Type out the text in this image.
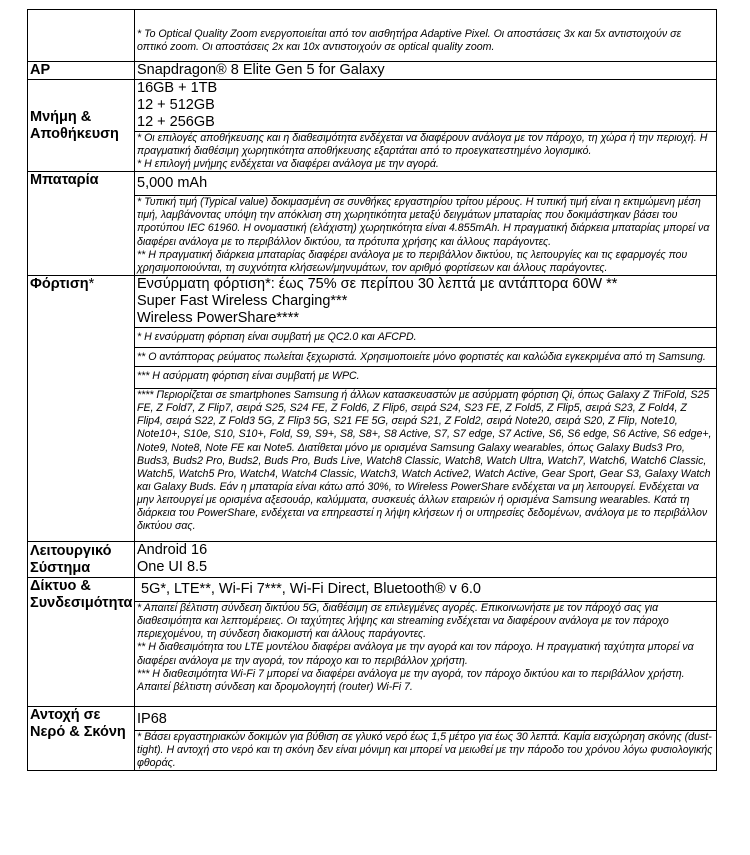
	* Το Optical Quality Zoom ενεργοποιείται από τον αισθητήρα Adaptive Pixel. Οι αποστάσεις 3x και 5x αντιστοιχούν σε οπτικό zoom. Οι αποστάσεις 2x και 10x αντιστοιχούν σε optical quality zoom.
AP	Snapdragon® 8 Elite Gen 5 for Galaxy

Μνήμη &
Αποθήκευση	16GB + 1TB
12 + 512GB
12 + 256GB

	* Οι επιλογές αποθήκευσης και η διαθεσιμότητα ενδέχεται να διαφέρουν ανάλογα με τον πάροχο, τη χώρα ή την περιοχή. Η πραγματική διαθέσιμη χωρητικότητα αποθήκευσης εξαρτάται από το προεγκατεστημένο λογισμικό.
* Η επιλογή μνήμης ενδέχεται να διαφέρει ανάλογα με την αγορά.

Μπαταρία	5,000 mAh

	* Τυπική τιμή (Typical value) δοκιμασμένη σε συνθήκες εργαστηρίου τρίτου μέρους. Η τυπική τιμή είναι η εκτιμώμενη μέση τιμή, λαμβάνοντας υπόψη την απόκλιση στη χωρητικότητα μεταξύ δειγμάτων μπαταρίας που δοκιμάστηκαν βάσει του προτύπου IEC 61960. Η ονομαστική (ελάχιστη) χωρητικότητα είναι 4.855mAh. Η πραγματική διάρκεια μπαταρίας μπορεί να διαφέρει ανάλογα με το περιβάλλον δικτύου, τα πρότυπα χρήσης και άλλους παράγοντες.
** Η πραγματική διάρκεια μπαταρίας διαφέρει ανάλογα με το περιβάλλον δικτύου, τις λειτουργίες και τις εφαρμογές που χρησιμοποιούνται, τη συχνότητα κλήσεων/μηνυμάτων, τον αριθμό φορτίσεων και άλλους παράγοντες.

Φόρτιση*	Ενσύρματη φόρτιση*: έως 75% σε περίπου 30 λεπτά με αντάπτορα 60W **
Super Fast Wireless Charging***
Wireless PowerShare****

	* Η ενσύρματη φόρτιση είναι συμβατή με QC2.0 και AFCPD.
	** Ο αντάπτορας ρεύματος πωλείται ξεχωριστά. Χρησιμοποιείτε μόνο φορτιστές και καλώδια εγκεκριμένα από τη Samsung.
	*** Η ασύρματη φόρτιση είναι συμβατή με WPC.
	**** Περιορίζεται σε smartphones Samsung ή άλλων κατασκευαστών με ασύρματη φόρτιση Qi, όπως Galaxy Z TriFold, S25 FE, Z Fold7, Z Flip7, σειρά S25, S24 FE, Z Fold6, Z Flip6, σειρά S24, S23 FE, Z Fold5, Z Flip5, σειρά S23, Z Fold4, Z Flip4, σειρά S22, Z Fold3 5G, Z Flip3 5G, S21 FE 5G, σειρά S21, Z Fold2, σειρά Note20, σειρά S20, Z Flip, Note10, Note10+, S10e, S10, S10+, Fold, S9, S9+, S8, S8+, S8 Active, S7, S7 edge, S7 Active, S6, S6 edge, S6 Active, S6 edge+, Note9, Note8, Note FE και Note5. Διατίθεται μόνο με ορισμένα Samsung Galaxy wearables, όπως Galaxy Buds3 Pro, Buds3, Buds2 Pro, Buds2, Buds Pro, Buds Live, Watch8 Classic, Watch8, Watch Ultra, Watch7, Watch6, Watch6 Classic, Watch5, Watch5 Pro, Watch4, Watch4 Classic, Watch3, Watch Active2, Watch Active, Gear Sport, Gear S3, Galaxy Watch και Galaxy Buds. Εάν η μπαταρία είναι κάτω από 30%, το Wireless PowerShare ενδέχεται να μη λειτουργεί. Ενδέχεται να μην λειτουργεί με ορισμένα αξεσουάρ, καλύμματα, συσκευές άλλων εταιρειών ή ορισμένα Samsung wearables. Κατά τη διάρκεια του PowerShare, ενδέχεται να επηρεαστεί η λήψη κλήσεων ή οι υπηρεσίες δεδομένων, ανάλογα με το περιβάλλον δικτύου σας.

Λειτουργικό
Σύστημα	Android 16
One UI 8.5

Δίκτυο &
Συνδεσιμότητα	5G*, LTE**, Wi-Fi 7***, Wi-Fi Direct, Bluetooth® v 6.0

	* Απαιτεί βέλτιστη σύνδεση δικτύου 5G, διαθέσιμη σε επιλεγμένες αγορές. Επικοινωνήστε με τον πάροχό σας για διαθεσιμότητα και λεπτομέρειες. Οι ταχύτητες λήψης και streaming ενδέχεται να διαφέρουν ανάλογα με τον πάροχο περιεχομένου, τη σύνδεση διακομιστή και άλλους παράγοντες.
** Η διαθεσιμότητα του LTE μοντέλου διαφέρει ανάλογα με την αγορά και τον πάροχο. Η πραγματική ταχύτητα μπορεί να διαφέρει ανάλογα με την αγορά, τον πάροχο και το περιβάλλον χρήστη.
*** Η διαθεσιμότητα Wi-Fi 7 μπορεί να διαφέρει ανάλογα με την αγορά, τον πάροχο δικτύου και το περιβάλλον χρήστη. Απαιτεί βέλτιστη σύνδεση και δρομολογητή (router) Wi-Fi 7.

Αντοχή σε
Νερό & Σκόνη	IP68
	* Βάσει εργαστηριακών δοκιμών για βύθιση σε γλυκό νερό έως 1,5 μέτρο για έως 30 λεπτά. Καμία εισχώρηση σκόνης (dust-tight). Η αντοχή στο νερό και τη σκόνη δεν είναι μόνιμη και μπορεί να μειωθεί με την πάροδο του χρόνου λόγω φυσιολογικής φθοράς.
